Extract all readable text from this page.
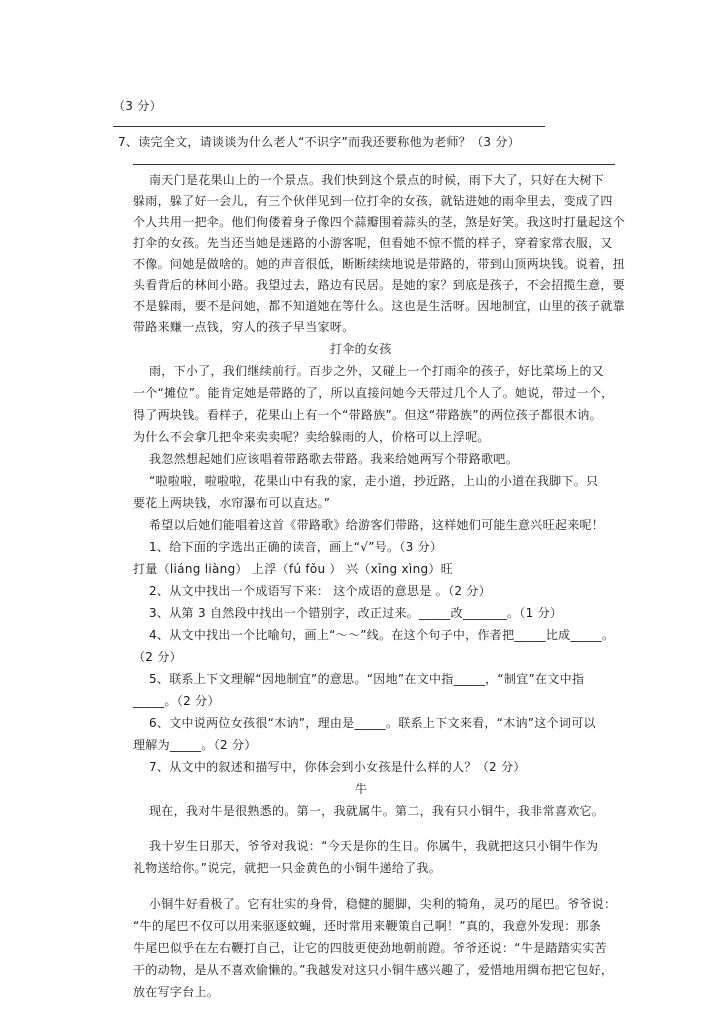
（3 分）
7、读完全文，请谈谈为什么老人“不识字”而我还要称他为老师？（3 分）
南天门是花果山上的一个景点。我们快到这个景点的时候，雨下大了，只好在大树下
躲雨，躲了好一会儿，有三个伙伴见到一位打伞的女孩，就钻进她的雨伞里去，变成了四
个人共用一把伞。他们佝偻着身子像四个蒜瓣围着蒜头的茎，煞是好笑。我这时打量起这个
打伞的女孩。先当还当她是迷路的小游客呢，但看她不惊不慌的样子，穿着家常衣服，又
不像。问她是做啥的。她的声音很低，断断续续地说是带路的，带到山顶两块钱。说着，扭
头看背后的林间小路。我望过去，路边有民居。是她的家？到底是孩子，不会招揽生意，要
不是躲雨，要不是问她，都不知道她在等什么。这也是生活呀。因地制宜，山里的孩子就靠
带路来赚一点钱，穷人的孩子早当家呀。
打伞的女孩
雨，下小了，我们继续前行。百步之外，又碰上一个打雨伞的孩子，好比菜场上的又
一个“摊位”。能肯定她是带路的了，所以直接问她今天带过几个人了。她说，带过一个，
得了两块钱。看样子，花果山上有一个“带路族”。但这“带路族”的两位孩子都很木讷。
为什么不会拿几把伞来卖卖呢？卖给躲雨的人，价格可以上浮呢。
我忽然想起她们应该唱着带路歌去带路。我来给她两写个带路歌吧。
“啦啦啦，啦啦啦，花果山中有我的家，走小道，抄近路，上山的小道在我脚下。只
要花上两块钱，水帘瀑布可以直达。”
希望以后她们能唱着这首《带路歌》给游客们带路，这样她们可能生意兴旺起来呢！
1、给下面的字选出正确的读音，画上“√”号。（3 分）
打量（liáng liàng） 上浮（fú fǒu ） 兴（xīng xìng）旺
2、从文中找出一个成语写下来： 这个成语的意思是 。（2 分）
3、从第 3 自然段中找出一个错别字，改正过来。_____改_______。（1 分）
4、从文中找出一个比喻句，画上“～～”线。在这个句子中，作者把_____比成_____。
（2 分）
5、联系上下文理解“因地制宜”的意思。“因地”在文中指_____，“制宜”在文中指
_____。（2 分）
6、文中说两位女孩很“木讷”，理由是_____。联系上下文来看，“木讷”这个词可以
理解为_____。（2 分）
7、从文中的叙述和描写中，你体会到小女孩是什么样的人？（2 分）
牛
现在，我对牛是很熟悉的。第一，我就属牛。第二，我有只小铜牛，我非常喜欢它。
我十岁生日那天，爷爷对我说：“今天是你的生日。你属牛，我就把这只小铜牛作为
礼物送给你。”说完，就把一只金黄色的小铜牛递给了我。
小铜牛好看极了。它有壮实的身骨，稳健的腿脚，尖利的犄角，灵巧的尾巴。爷爷说：
“牛的尾巴不仅可以用来驱逐蚊蝇，还时常用来鞭策自己啊！”真的，我意外发现：那条
牛尾巴似乎在左右鞭打自己，让它的四肢更使劲地朝前蹬。爷爷还说：“牛是踏踏实实苦
干的动物，是从不喜欢偷懒的。”我越发对这只小铜牛感兴趣了，爱惜地用绸布把它包好，
放在写字台上。
